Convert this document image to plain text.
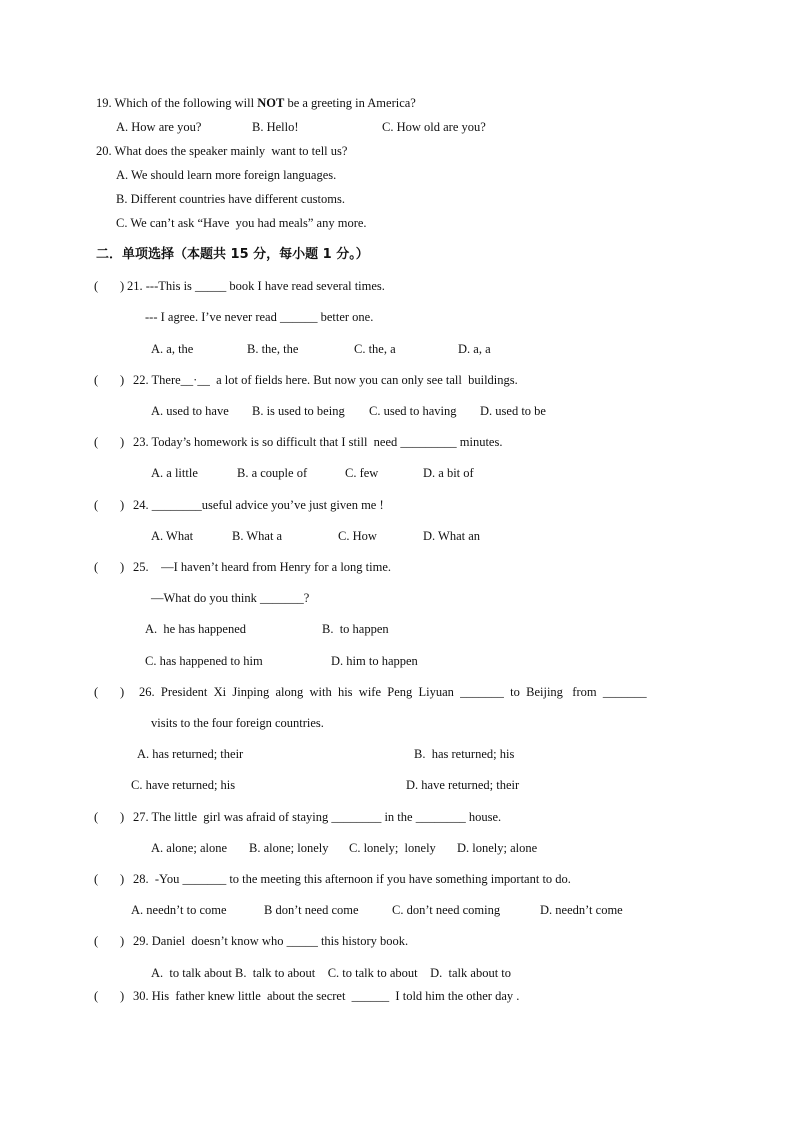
19. Which of the following will NOT be a greeting in America?
A. How are you?	B. Hello!	C. How old are you?
20. What does the speaker mainly  want to tell us?
A. We should learn more foreign languages.
B. Different countries have different customs.
C. We can’t ask “Have  you had meals” any more.
二．单项选择（本题共 15 分，每小题 1 分。）
(       ) 21. ---This is _____ book I have read several times.
--- I agree. I’ve never read ______ better one.
A. a, the	B. the, the	C. the, a	D. a, a
(       ) 22. There__·__  a lot of fields here. But now you can only see tall  buildings.
A. used to have B. is used to being C. used to having D. used to be
(       ) 23. Today’s homework is so difficult that I still  need _________ minutes.
A. a little	B. a couple of	C. few	D. a bit of
(       ) 24. ________useful advice you’ve just given me !
A. What	B. What a	C. How	D. What an
(       ) 25.    —I haven’t heard from Henry for a long time.
—What do you think _______?
A.  he has happened	B.  to happen
C. has happened to him	D. him to happen
(       ) 26.  President  Xi  Jinping  along  with  his  wife  Peng  Liyuan  _______  to  Beijing   from  _______
visits to the four foreign countries.
A. has returned; their	B.  has returned; his
C. have returned; his	D. have returned; their
(       ) 27. The little  girl was afraid of staying ________ in the ________ house.
A. alone; alone B. alone; lonely C. lonely;  lonely D. lonely; alone
(       ) 28.  -You _______ to the meeting this afternoon if you have something important to do.
A. needn’t to come	B don’t need come	C. don’t need coming	D. needn’t come
(       ) 29. Daniel  doesn’t know who _____ this history book.
A.  to talk about B.  talk to about    C. to talk to about    D.  talk about to
(       ) 30. His  father knew little  about the secret  ______  I told him the other day .
